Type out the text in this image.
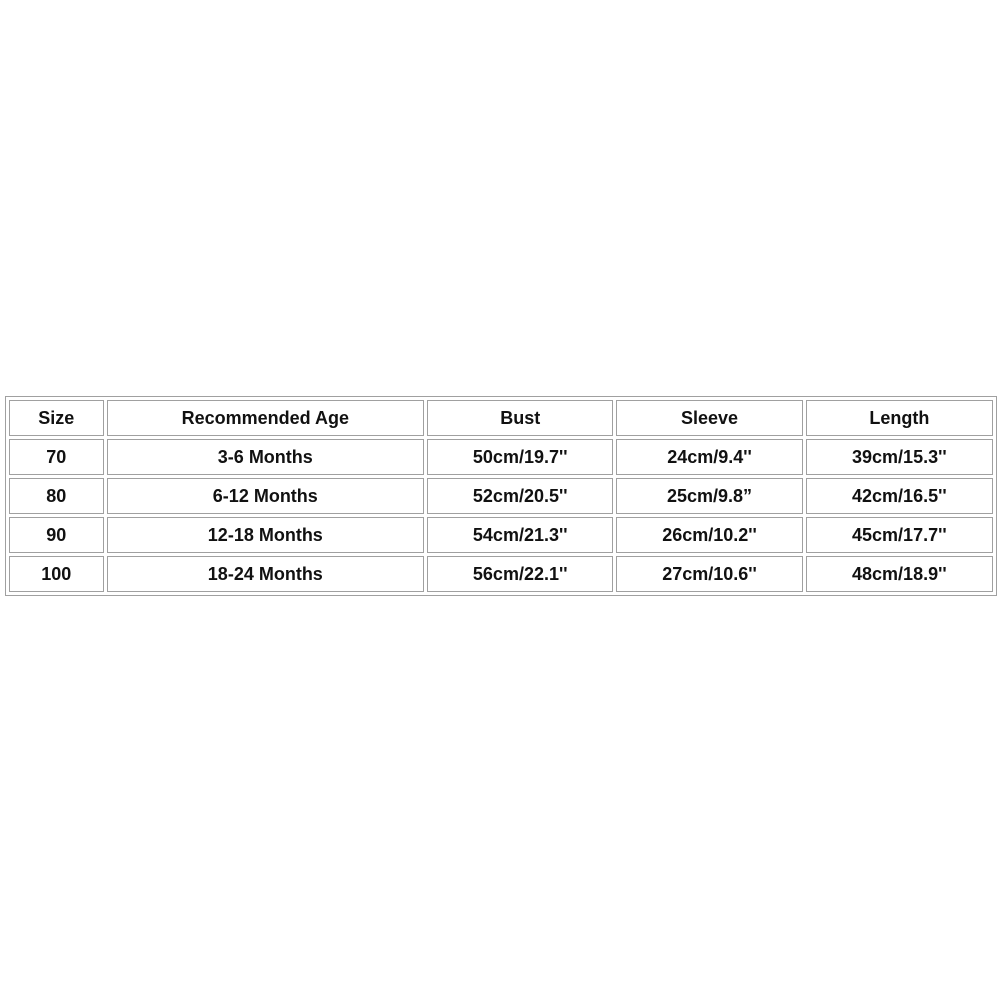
Size	Recommended Age	Bust	Sleeve	Length
70	3-6 Months	50cm/19.7''	24cm/9.4''	39cm/15.3''
80	6-12 Months	52cm/20.5''	25cm/9.8”	42cm/16.5''
90	12-18 Months	54cm/21.3''	26cm/10.2''	45cm/17.7''
100	18-24 Months	56cm/22.1''	27cm/10.6''	48cm/18.9''
